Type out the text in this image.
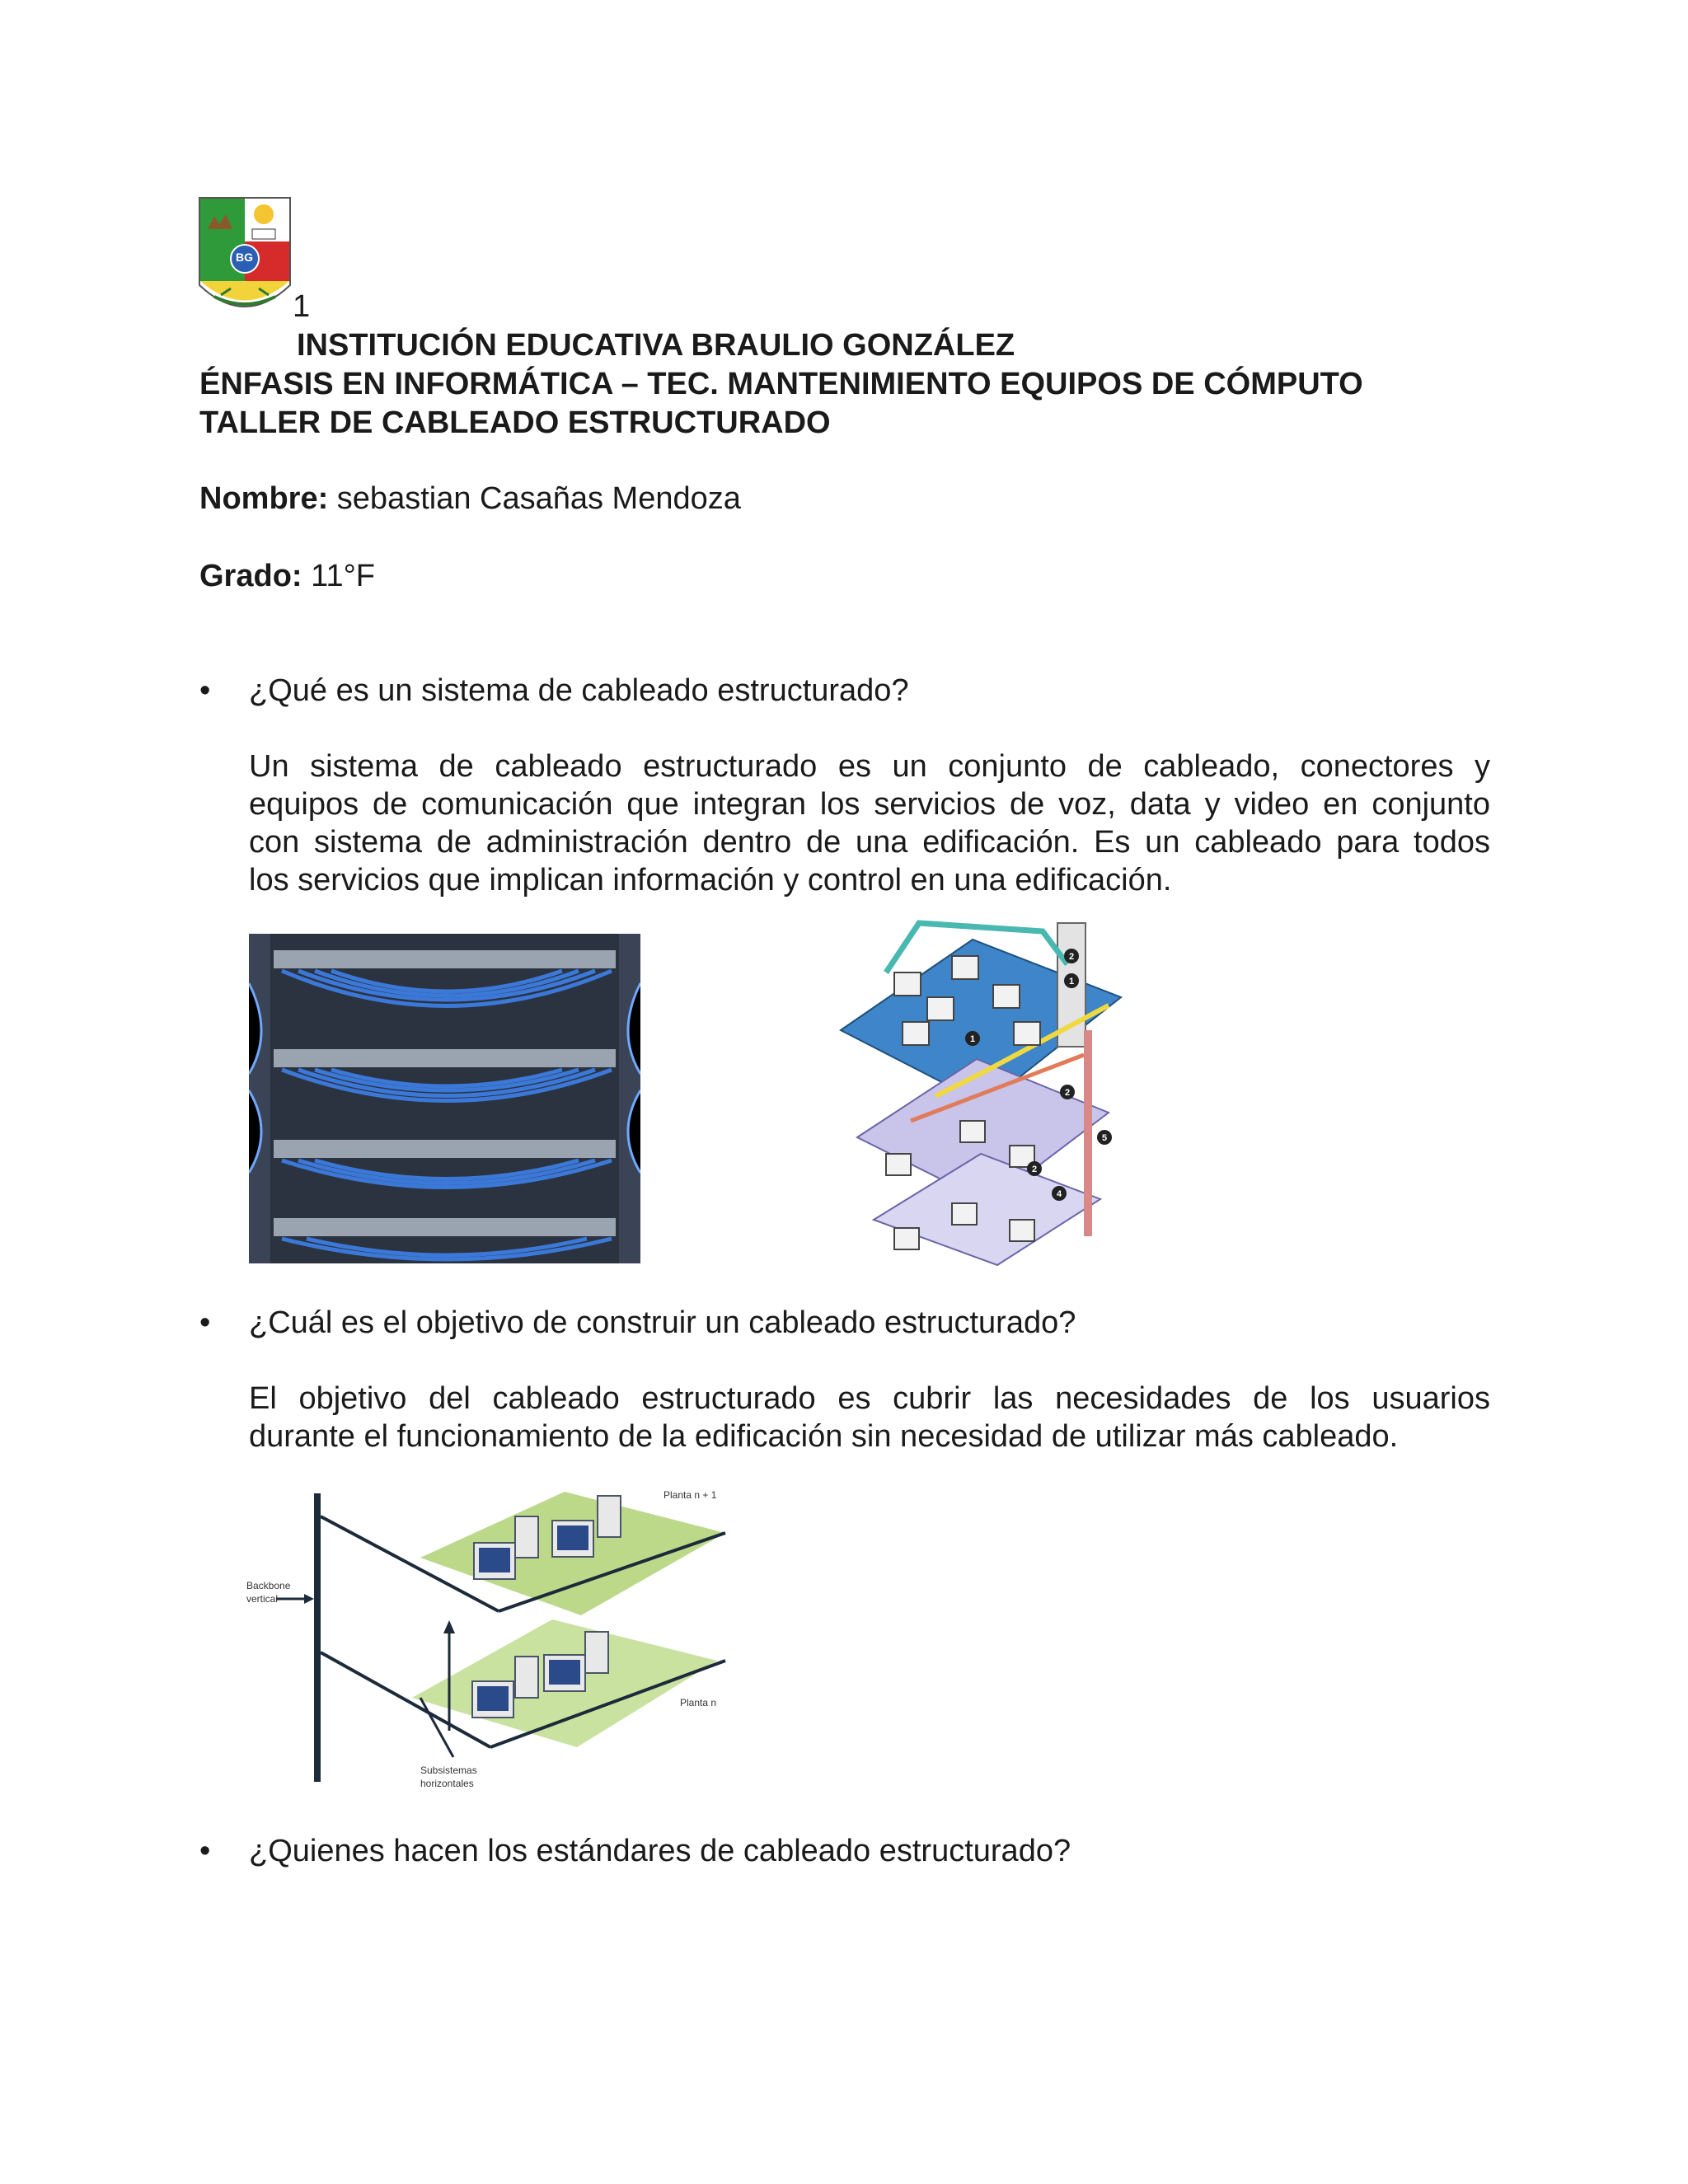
BG
1
INSTITUCIÓN EDUCATIVA BRAULIO GONZÁLEZ
ÉNFASIS EN INFORMÁTICA – TEC. MANTENIMIENTO EQUIPOS DE CÓMPUTO
TALLER DE CABLEADO ESTRUCTURADO
Nombre: sebastian Casañas Mendoza
Grado: 11°F
• ¿Qué es un sistema de cableado estructurado?
Un sistema de cableado estructurado es un conjunto de cableado, conectores y
equipos de comunicación que integran los servicios de voz, data y video en conjunto
con sistema de administración dentro de una edificación. Es un cableado para todos
los servicios que implican información y control en una edificación.
1
2
1
2
5
2
4
• ¿Cuál es el objetivo de construir un cableado estructurado?
El objetivo del cableado estructurado es cubrir las necesidades de los usuarios
durante el funcionamiento de la edificación sin necesidad de utilizar más cableado.
Planta n + 1
Planta n
Backbone
vertical
Subsistemas
horizontales
• ¿Quienes hacen los estándares de cableado estructurado?
